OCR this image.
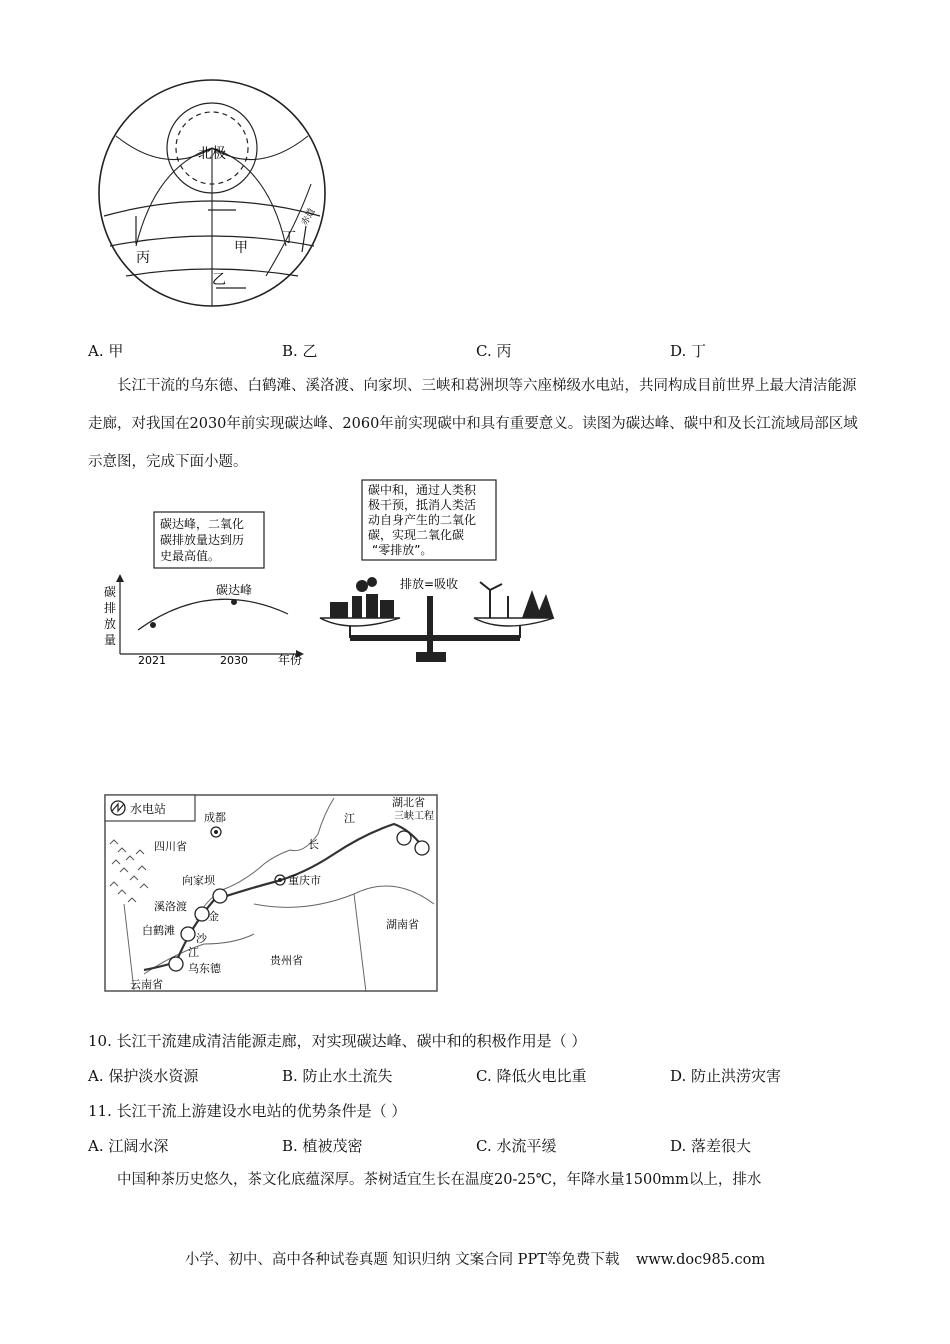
北极
甲
乙
丙
丁
赤道
A. 甲	B. 乙	C. 丙	D. 丁
长江干流的乌东德、白鹤滩、溪洛渡、向家坝、三峡和葛洲坝等六座梯级水电站，共同构成目前世界上最大清洁能源走廊，对我国在2030年前实现碳达峰、2060年前实现碳中和具有重要意义。读图为碳达峰、碳中和及长江流域局部区域示意图，完成下面小题。
碳达峰，二氧化 碳排放量达到历 史最高值。
碳中和，通过人类积 极干预，抵消人类活 动自身产生的二氧化 碳，实现二氧化碳 “零排放”。
碳 排 放 量
碳达峰
2021	2030	年份
排放=吸收
水电站
成都
四川省
向家坝	重庆市
溪洛渡
白鹤滩
乌东德
云南省
贵州省
湖南省
湖北省
三峡工程
江
长
金
沙
江
10. 长江干流建成清洁能源走廊，对实现碳达峰、碳中和的积极作用是（ ）
A. 保护淡水资源	B. 防止水土流失	C. 降低火电比重	D. 防止洪涝灾害
11. 长江干流上游建设水电站的优势条件是（ ）
A. 江阔水深	B. 植被茂密	C. 水流平缓	D. 落差很大
中国种茶历史悠久，茶文化底蕴深厚。茶树适宜生长在温度20-25℃，年降水量1500mm以上，排水
小学、初中、高中各种试卷真题 知识归纳 文案合同 PPT等免费下载 www.doc985.com
